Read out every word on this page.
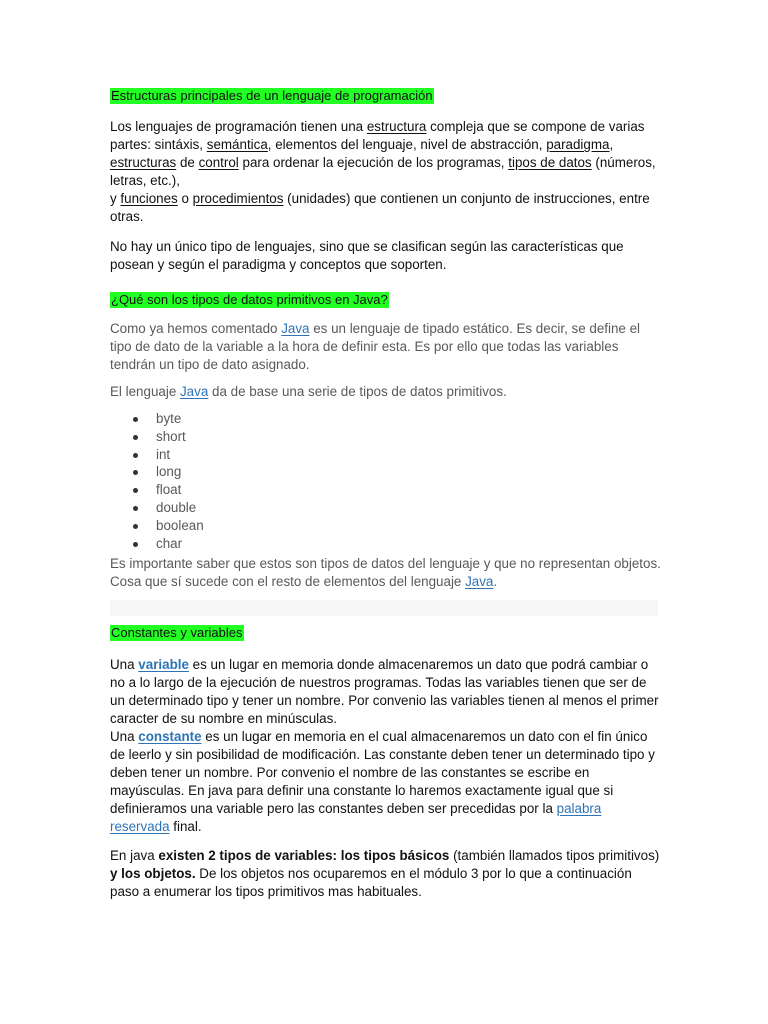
Estructuras principales de un lenguaje de programación

Los lenguajes de programación tienen una estructura compleja que se compone de varias partes: sintáxis, semántica, elementos del lenguaje, nivel de abstracción, paradigma, estructuras de control para ordenar la ejecución de los programas, tipos de datos (números, letras, etc.),
y funciones o procedimientos (unidades) que contienen un conjunto de instrucciones, entre otras.

No hay un único tipo de lenguajes, sino que se clasifican según las características que posean y según el paradigma y conceptos que soporten.

¿Qué son los tipos de datos primitivos en Java?

Como ya hemos comentado Java es un lenguaje de tipado estático. Es decir, se define el tipo de dato de la variable a la hora de definir esta. Es por ello que todas las variables tendrán un tipo de dato asignado.

El lenguaje Java da de base una serie de tipos de datos primitivos.

byte
short
int
long
float
double
boolean
char

Es importante saber que estos son tipos de datos del lenguaje y que no representan objetos. Cosa que sí sucede con el resto de elementos del lenguaje Java.

Constantes y variables

Una variable es un lugar en memoria donde almacenaremos un dato que podrá cambiar o no a lo largo de la ejecución de nuestros programas. Todas las variables tienen que ser de un determinado tipo y tener un nombre. Por convenio las variables tienen al menos el primer caracter de su nombre en minúsculas.
Una constante es un lugar en memoria en el cual almacenaremos un dato con el fin único de leerlo y sin posibilidad de modificación. Las constante deben tener un determinado tipo y deben tener un nombre. Por convenio el nombre de las constantes se escribe en mayúsculas. En java para definir una constante lo haremos exactamente igual que si definieramos una variable pero las constantes deben ser precedidas por la palabra reservada final.

En java existen 2 tipos de variables: los tipos básicos (también llamados tipos primitivos) y los objetos. De los objetos nos ocuparemos en el módulo 3 por lo que a continuación paso a enumerar los tipos primitivos mas habituales.
